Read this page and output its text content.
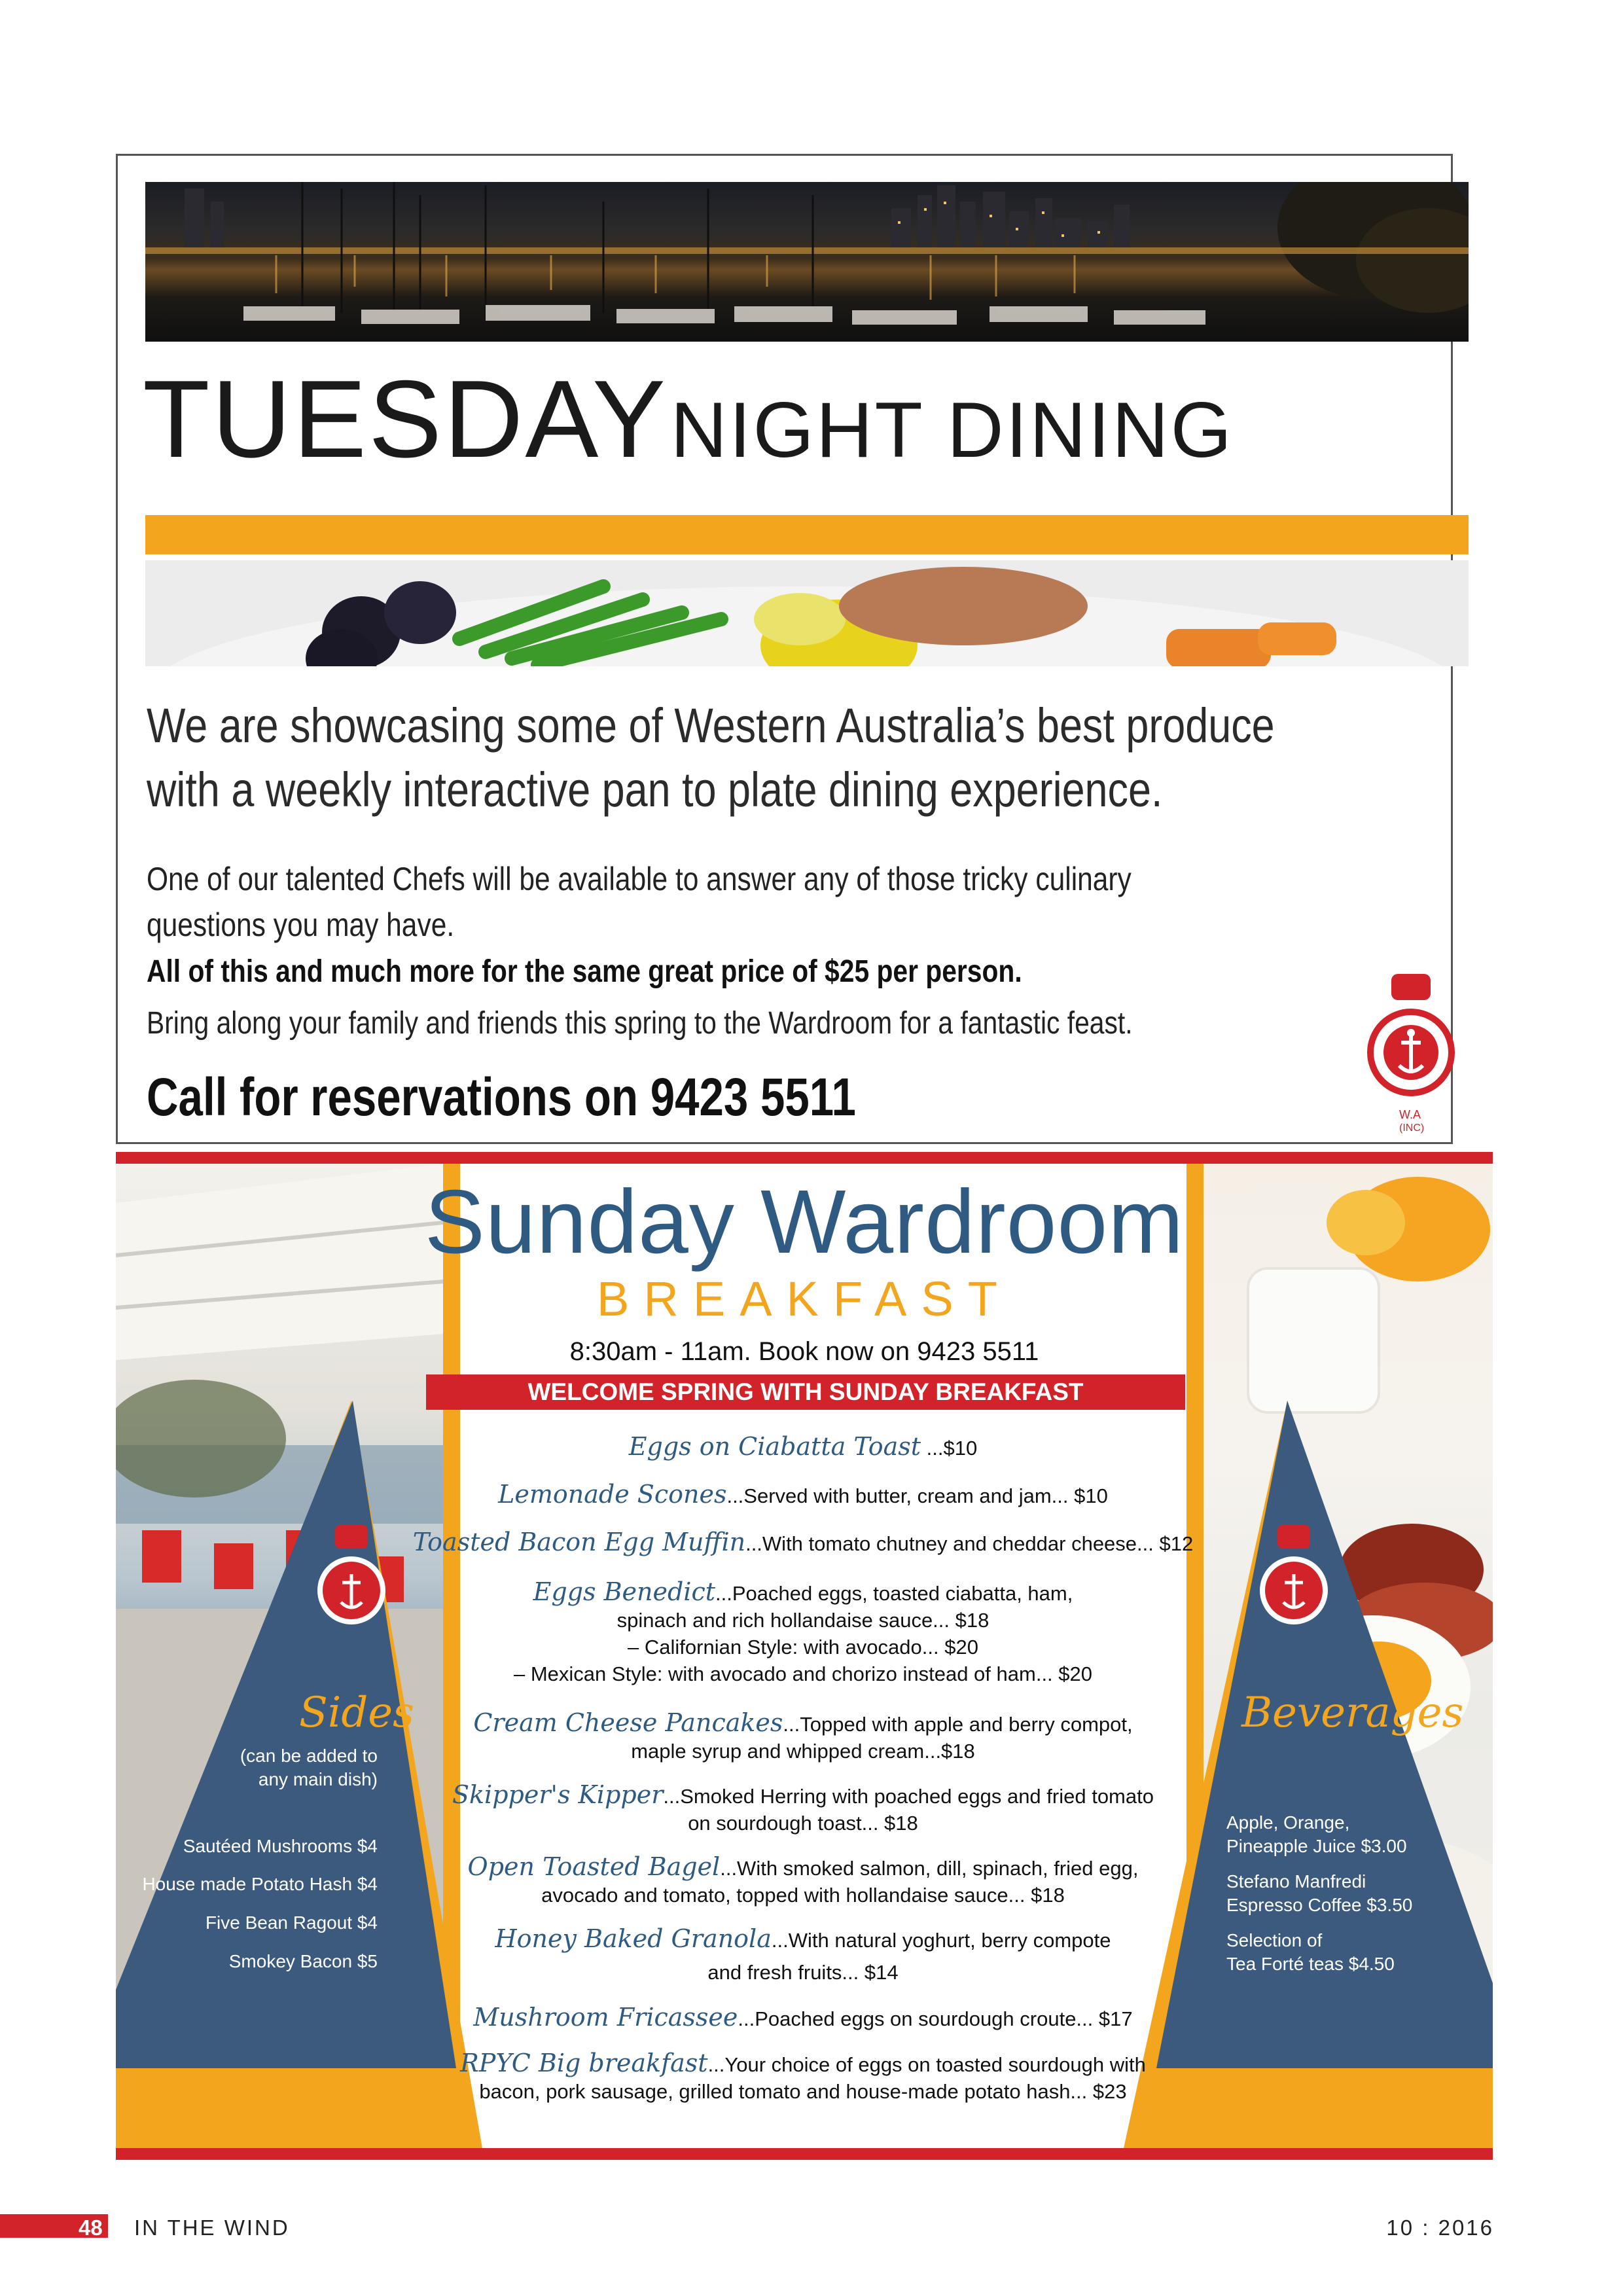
TUESDAY NIGHT DINING
We are showcasing some of Western Australia’s best produce
with a weekly interactive pan to plate dining experience.
One of our talented Chefs will be available to answer any of those tricky culinary
questions you may have.
All of this and much more for the same great price of $25 per person.
Bring along your family and friends this spring to the Wardroom for a fantastic feast.
Call for reservations on 9423 5511	W.A
(INC)
Sunday Wardroom
BREAKFAST
8:30am - 11am. Book now on 9423 5511
WELCOME SPRING WITH SUNDAY BREAKFAST
Eggs on Ciabatta Toast ...$10
Lemonade Scones...Served with butter, cream and jam... $10
Toasted Bacon Egg Muffin...With tomato chutney and cheddar cheese... $12
Eggs Benedict...Poached eggs, toasted ciabatta, ham,
spinach and rich hollandaise sauce... $18
– Californian Style: with avocado... $20
– Mexican Style: with avocado and chorizo instead of ham... $20
Cream Cheese Pancakes...Topped with apple and berry compot,
maple syrup and whipped cream...$18
Skipper's Kipper...Smoked Herring with poached eggs and fried tomato
on sourdough toast... $18
Open Toasted Bagel...With smoked salmon, dill, spinach, fried egg,
avocado and tomato, topped with hollandaise sauce... $18
Honey Baked Granola...With natural yoghurt, berry compote
and fresh fruits... $14
Mushroom Fricassee...Poached eggs on sourdough croute... $17
RPYC Big breakfast...Your choice of eggs on toasted sourdough with
bacon, pork sausage, grilled tomato and house-made potato hash... $23
Sides
(can be added to
any main dish)
Sautéed Mushrooms $4
House made Potato Hash $4
Five Bean Ragout $4
Smokey Bacon $5
Beverages
Apple, Orange,
Pineapple Juice $3.00
Stefano Manfredi
Espresso Coffee $3.50
Selection of
Tea Forté teas $4.50
48 IN THE WIND	10 : 2016
